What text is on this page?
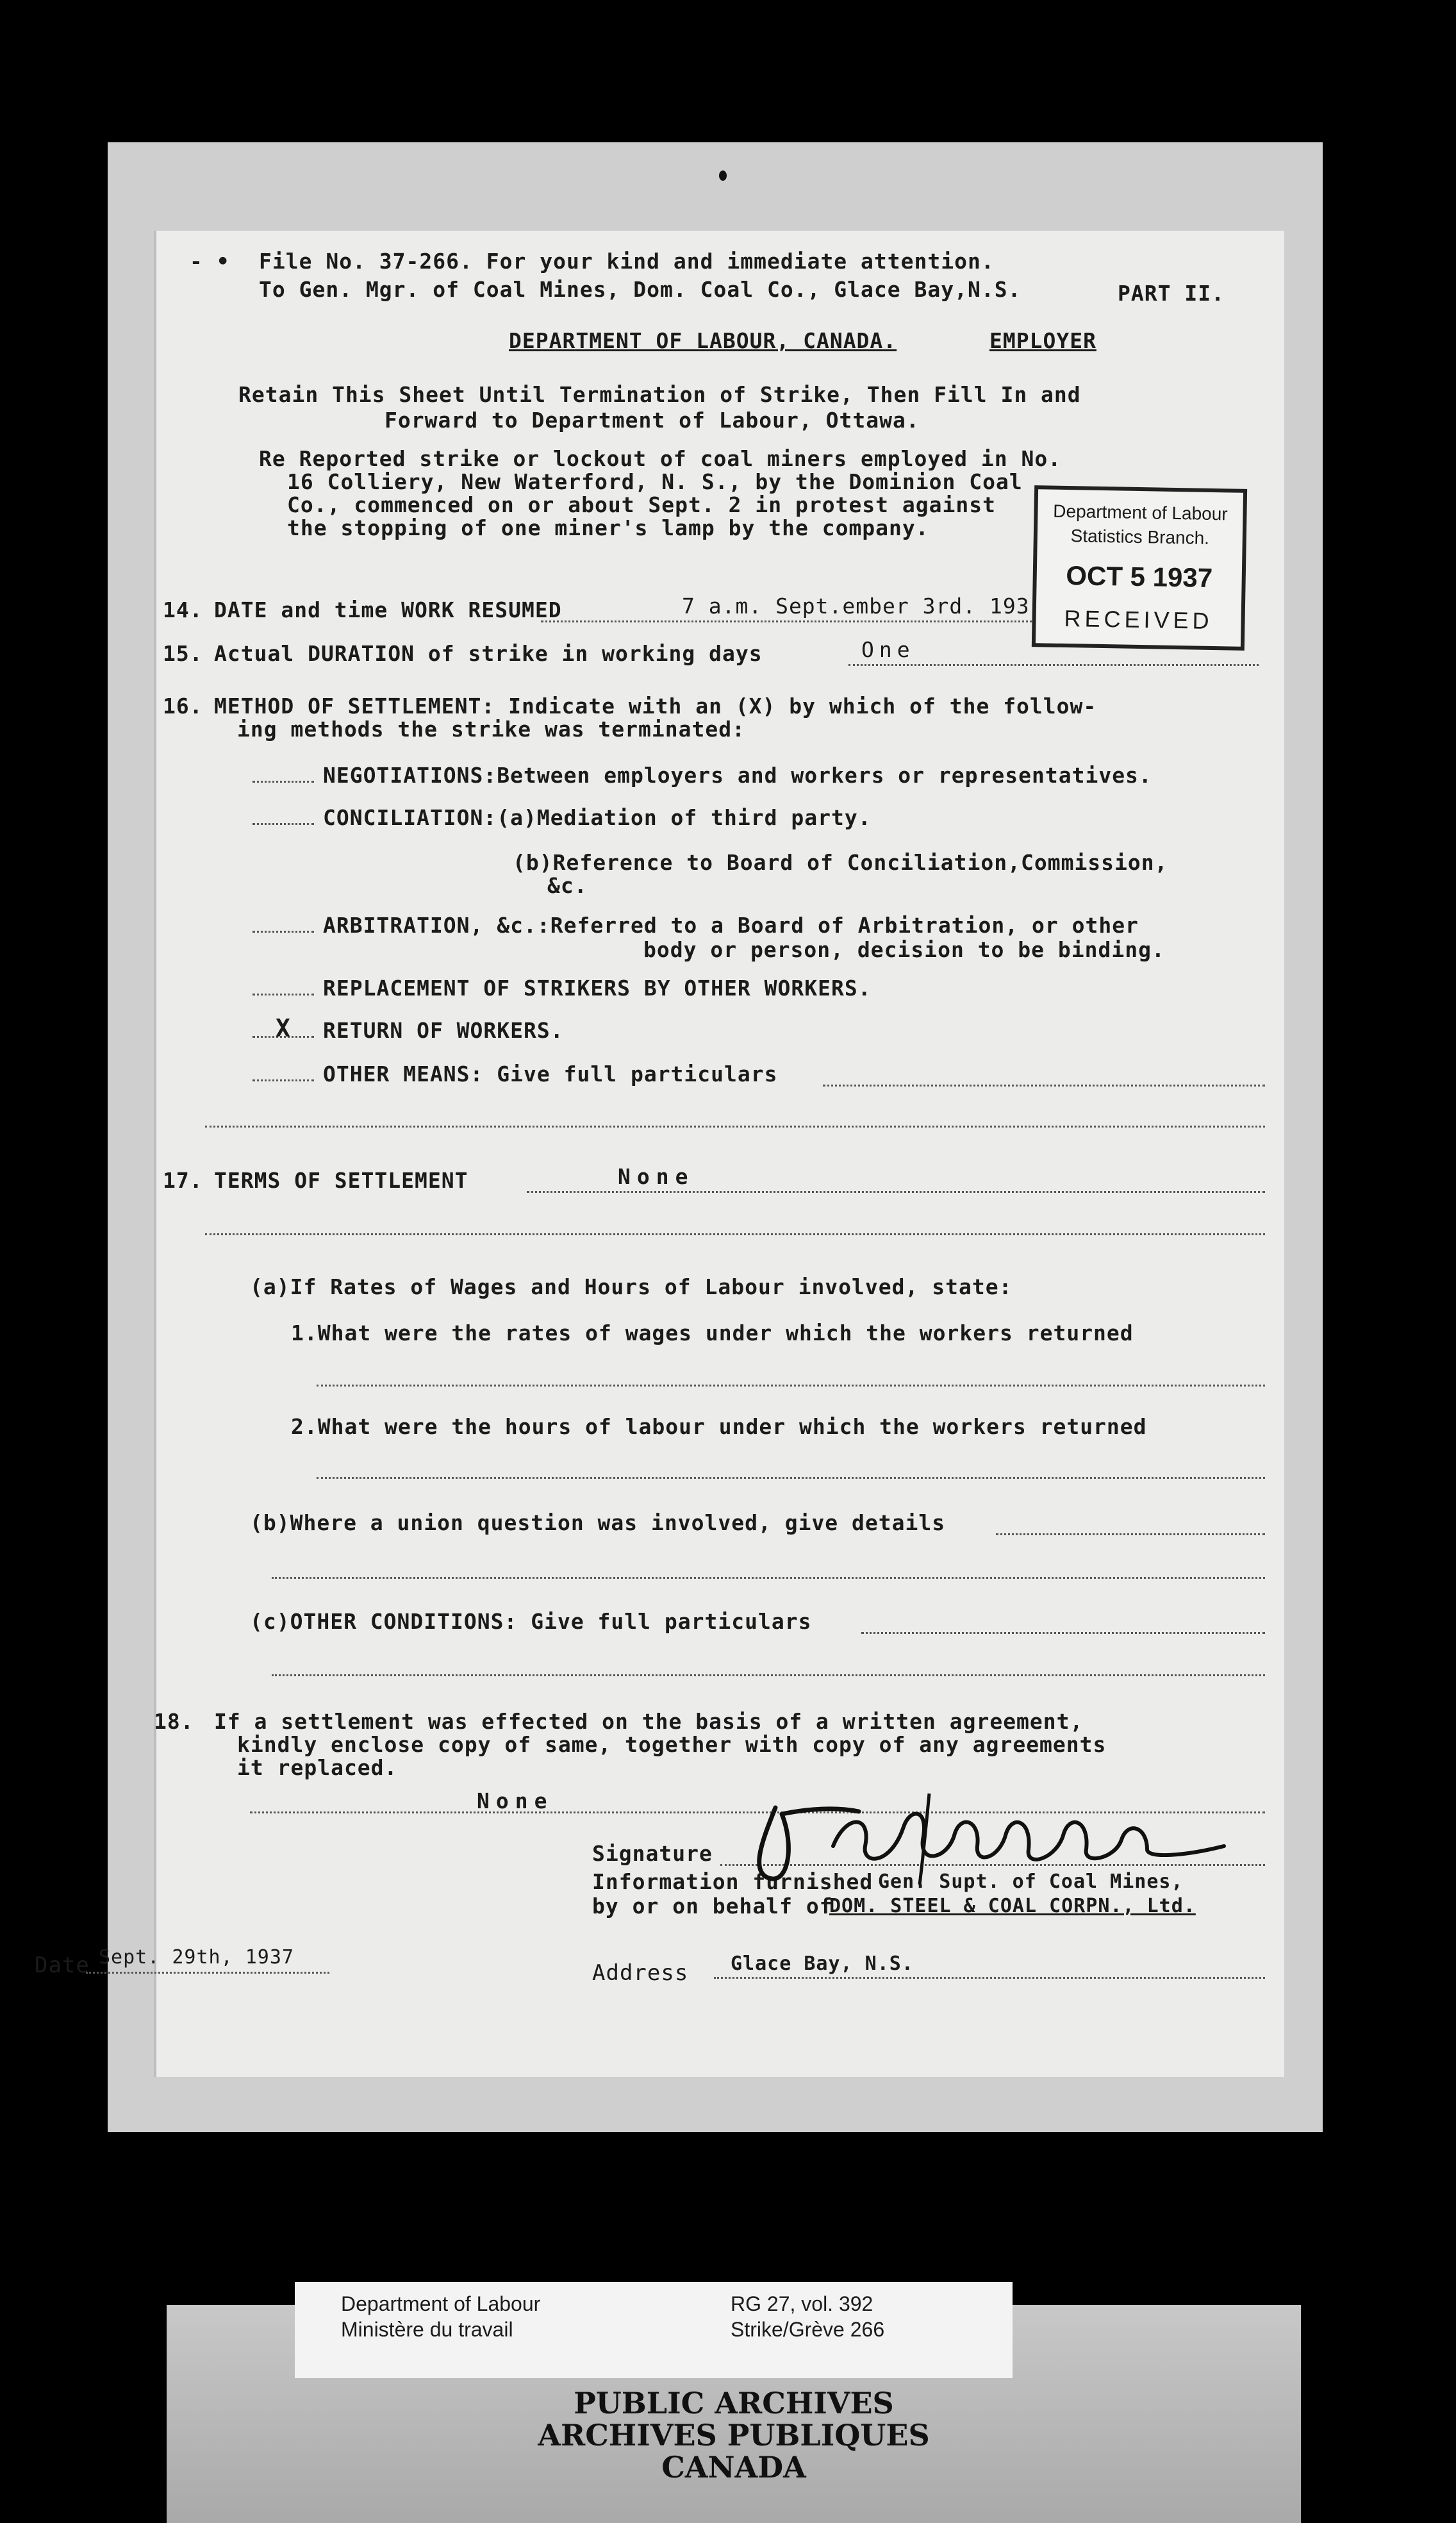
- • File No. 37-266. For your kind and immediate attention.
To Gen. Mgr. of Coal Mines, Dom. Coal Co., Glace Bay,N.S.	PART II.
DEPARTMENT OF LABOUR, CANADA.	EMPLOYER
Retain This Sheet Until Termination of Strike, Then Fill In and
Forward to Department of Labour, Ottawa.
Re Reported strike or lockout of coal miners employed in No.
16 Colliery, New Waterford, N. S., by the Dominion Coal
Co., commenced on or about Sept. 2 in protest against
the stopping of one miner's lamp by the company.
14. DATE and time WORK RESUMED	7 a.m. Sept.ember 3rd. 193
15. Actual DURATION of strike in working days	One
16. METHOD OF SETTLEMENT: Indicate with an (X) by which of the follow-
ing methods the strike was terminated:
NEGOTIATIONS:Between employers and workers or representatives.
CONCILIATION:(a)Mediation of third party.
(b)Reference to Board of Conciliation,Commission,
&c.
ARBITRATION, &c.:Referred to a Board of Arbitration, or other
body or person, decision to be binding.
REPLACEMENT OF STRIKERS BY OTHER WORKERS.
X RETURN OF WORKERS.
OTHER MEANS: Give full particulars
17. TERMS OF SETTLEMENT	None
(a)If Rates of Wages and Hours of Labour involved, state:
1.What were the rates of wages under which the workers returned
2.What were the hours of labour under which the workers returned
(b)Where a union question was involved, give details
(c)OTHER CONDITIONS: Give full particulars
18. If a settlement was effected on the basis of a written agreement,
kindly enclose copy of same, together with copy of any agreements
it replaced.
None
Signature
Information furnished Gen. Supt. of Coal Mines,
by or on behalf of
DOM. STEEL & COAL CORPN., Ltd.
Date Sept. 29th, 1937
Address Glace Bay, N.S.
Department of Labour
Statistics Branch.
OCT 5 1937
RECEIVED
PUBLIC ARCHIVES
ARCHIVES PUBLIQUES
CANADA
Department of Labour
Ministère du travail
RG 27, vol. 392
Strike/Grève 266
